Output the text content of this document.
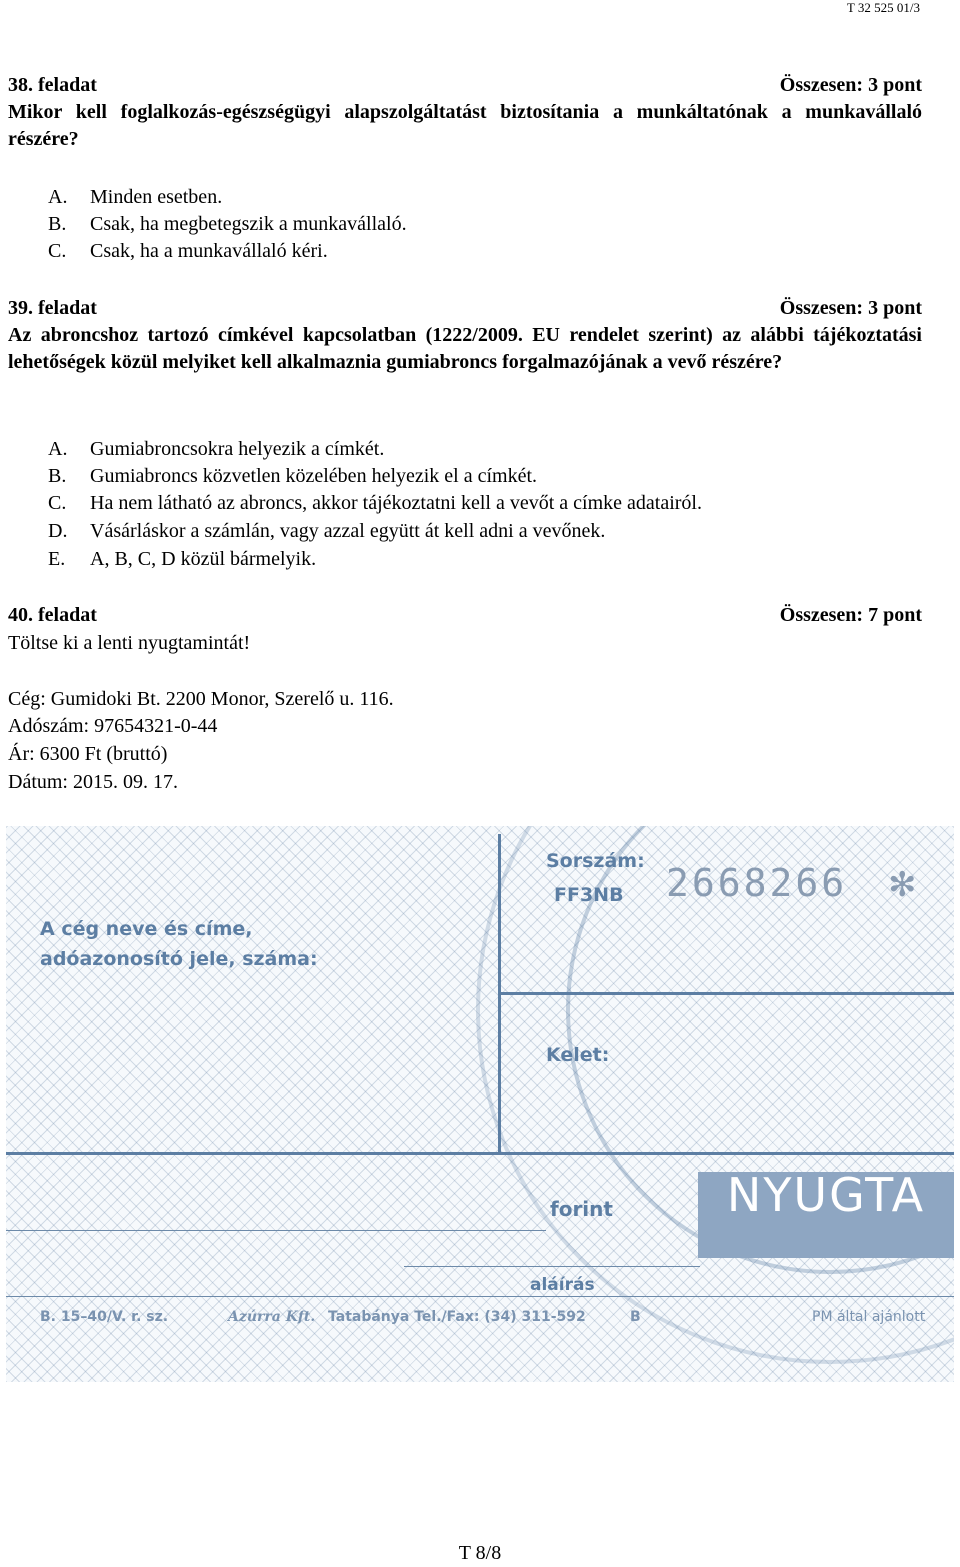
T 32 525 01/3
38. feladat	Összesen: 3 pont
Mikor kell foglalkozás-egészségügyi alapszolgáltatást biztosítania a munkáltatónak a munkavállaló részére?
A. Minden esetben.
B. Csak, ha megbetegszik a munkavállaló.
C. Csak, ha a munkavállaló kéri.
39. feladat	Összesen: 3 pont
Az abroncshoz tartozó címkével kapcsolatban (1222/2009. EU rendelet szerint) az alábbi tájékoztatási lehetőségek közül melyiket kell alkalmaznia gumiabroncs forgalmazójának a vevő részére?
A. Gumiabroncsokra helyezik a címkét.
B. Gumiabroncs közvetlen közelében helyezik el a címkét.
C. Ha nem látható az abroncs, akkor tájékoztatni kell a vevőt a címke adatairól.
D. Vásárláskor a számlán, vagy azzal együtt át kell adni a vevőnek.
E. A, B, C, D közül bármelyik.
40. feladat	Összesen: 7 pont
Töltse ki a lenti nyugtamintát!
Cég: Gumidoki Bt. 2200 Monor, Szerelő u. 116.
Adószám: 97654321-0-44
Ár: 6300 Ft (bruttó)
Dátum: 2015. 09. 17.
A cég neve és címe,
adóazonosító jele, száma:
Sorszám:
FF3NB 2668266 ✻
Kelet:
forint	NYUGTA
aláírás
B. 15–40/V. r. sz.	Azúrra Kft. Tatabánya Tel./Fax: (34) 311-592	B	PM által ajánlott
T 8/8
